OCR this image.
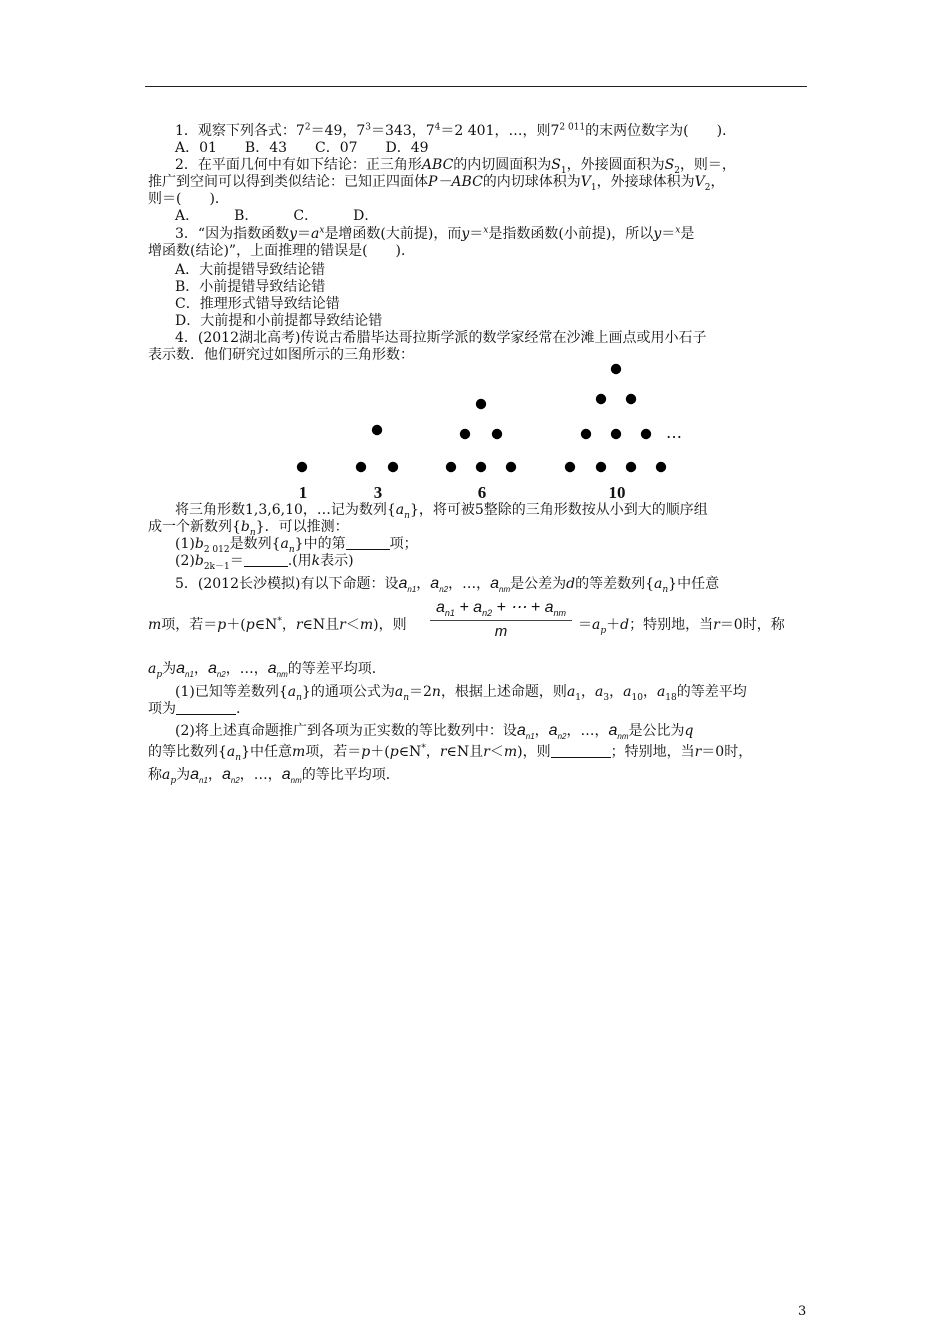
1．观察下列各式：$7^2=49$，$7^3=343$，$7^4=2$ 401，…，则$7^{2 011}$的末两位数字为(　　)．
A．01　　B．43　　C．07　　D．49
2．在平面几何中有如下结论：正三角形ABC的内切圆面积为$S_1$，外接圆面积为$S_2$，则＝，
推广到空间可以得到类似结论：已知正四面体P－ABC的内切球体积为$V_1$，外接球体积为$V_2$，
则＝(　　)．
A．　　　B．　　　C．　　　D．
3．“因为指数函数$y=a^x$是增函数(大前提)，而y＝$^x$是指数函数(小前提)，所以y＝$^x$是
增函数(结论)”，上面推理的错误是(　　)．
A．大前提错导致结论错
B．小前提错导致结论错
C．推理形式错导致结论错
D．大前提和小前提都导致结论错
4．(2012湖北高考)传说古希腊毕达哥拉斯学派的数学家经常在沙滩上画点或用小石子
表示数．他们研究过如图所示的三角形数：
…
1	3	6	10
将三角形数1,3,6,10，…记为数列$\{a_n\}$，将可被5整除的三角形数按从小到大的顺序组
成一个新数列$\{b_n\}$．可以推测：
$(1)b_{2 012}$是数列$\{a_n\}$中的第	项；
$(2)b_{2k-1}=$	.(用k表示)
5．(2012长沙模拟)有以下命题：设$a_{n1}$，$a_{n2}$，…，$a_{nm}$是公差为d的等差数列$\{a_n\}$中任意
m项，若＝p＋(p∈N*，r∈N且r＜m)，则
$a_{n1} + a_{n2}$ + ⋯ + $a_{nm}$
m	$=a_p+d$；特别地，当r＝0时，称
$a_p$为$a_{n1}$，$a_{n2}$，…，$a_{nm}$的等差平均项．
(1)已知等差数列$\{a_n\}$的通项公式为$a_n=2n$，根据上述命题，则$a_1$，$a_3$，$a_{10}$，$a_{18}$的等差平均
项为	.
(2)将上述真命题推广到各项为正实数的等比数列中：设$a_{n1}$，$a_{n2}$，…，$a_{nm}$是公比为q
的等比数列$\{a_n\}$中任意m项，若＝p＋(p∈N*，r∈N且r＜m)，则	；特别地，当r＝0时，
称$a_p$为$a_{n1}$，$a_{n2}$，…，$a_{nm}$的等比平均项．
3
